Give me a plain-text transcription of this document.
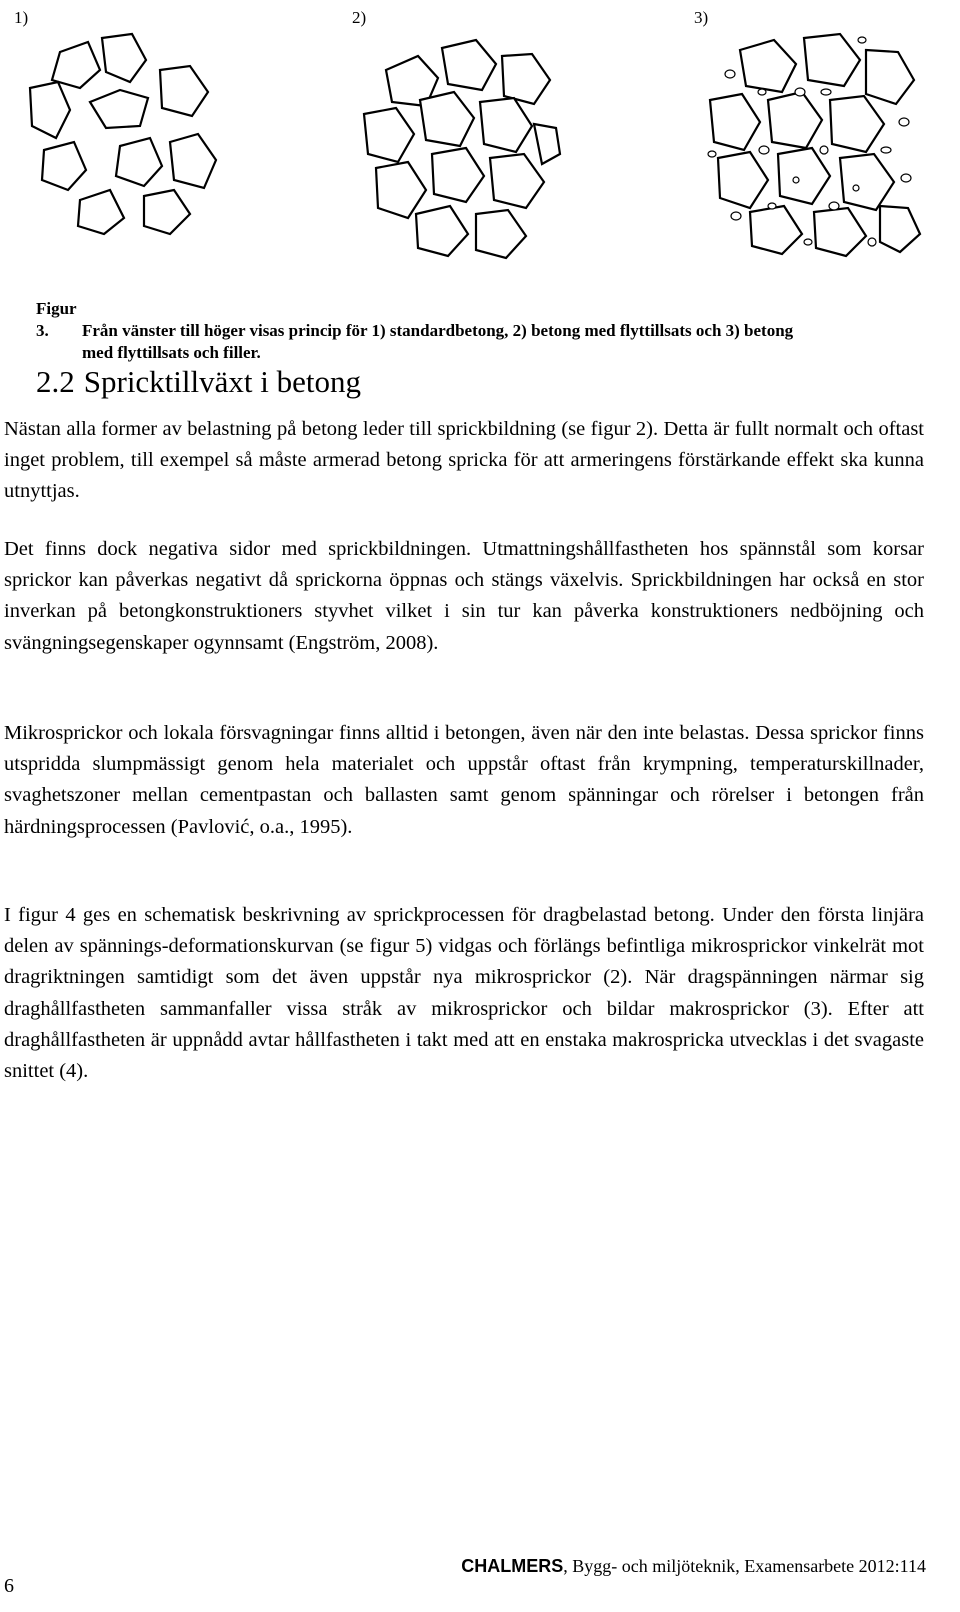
1)	2)	3)
Figur 3. Från vänster till höger visas princip för 1) standardbetong, 2) betong med flyttillsats och 3) betong
med flyttillsats och filler.
2.2 Spricktillväxt i betong

Nästan alla former av belastning på betong leder till sprickbildning (se figur 2). Detta är fullt normalt och oftast inget problem, till exempel så måste armerad betong spricka för att armeringens förstärkande effekt ska kunna utnyttjas.

Det finns dock negativa sidor med sprickbildningen. Utmattningshållfastheten hos spännstål som korsar sprickor kan påverkas negativt då sprickorna öppnas och stängs växelvis. Sprickbildningen har också en stor inverkan på betongkonstruktioners styvhet vilket i sin tur kan påverka konstruktioners nedböjning och svängningsegenskaper ogynnsamt (Engström, 2008).

Mikrosprickor och lokala försvagningar finns alltid i betongen, även när den inte belastas. Dessa sprickor finns utspridda slumpmässigt genom hela materialet och uppstår oftast från krympning, temperaturskillnader, svaghetszoner mellan cementpastan och ballasten samt genom spänningar och rörelser i betongen från härdningsprocessen (Pavlović, o.a., 1995).

I figur 4 ges en schematisk beskrivning av sprickprocessen för dragbelastad betong. Under den första linjära delen av spännings-deformationskurvan (se figur 5) vidgas och förlängs befintliga mikrosprickor vinkelrät mot dragriktningen samtidigt som det även uppstår nya mikrosprickor (2). När dragspänningen närmar sig draghållfastheten sammanfaller vissa stråk av mikrosprickor och bildar makrosprickor (3). Efter att draghållfastheten är uppnådd avtar hållfastheten i takt med att en enstaka makrospricka utvecklas i det svagaste snittet (4).

CHALMERS, Bygg- och miljöteknik, Examensarbete 2012:114
6
